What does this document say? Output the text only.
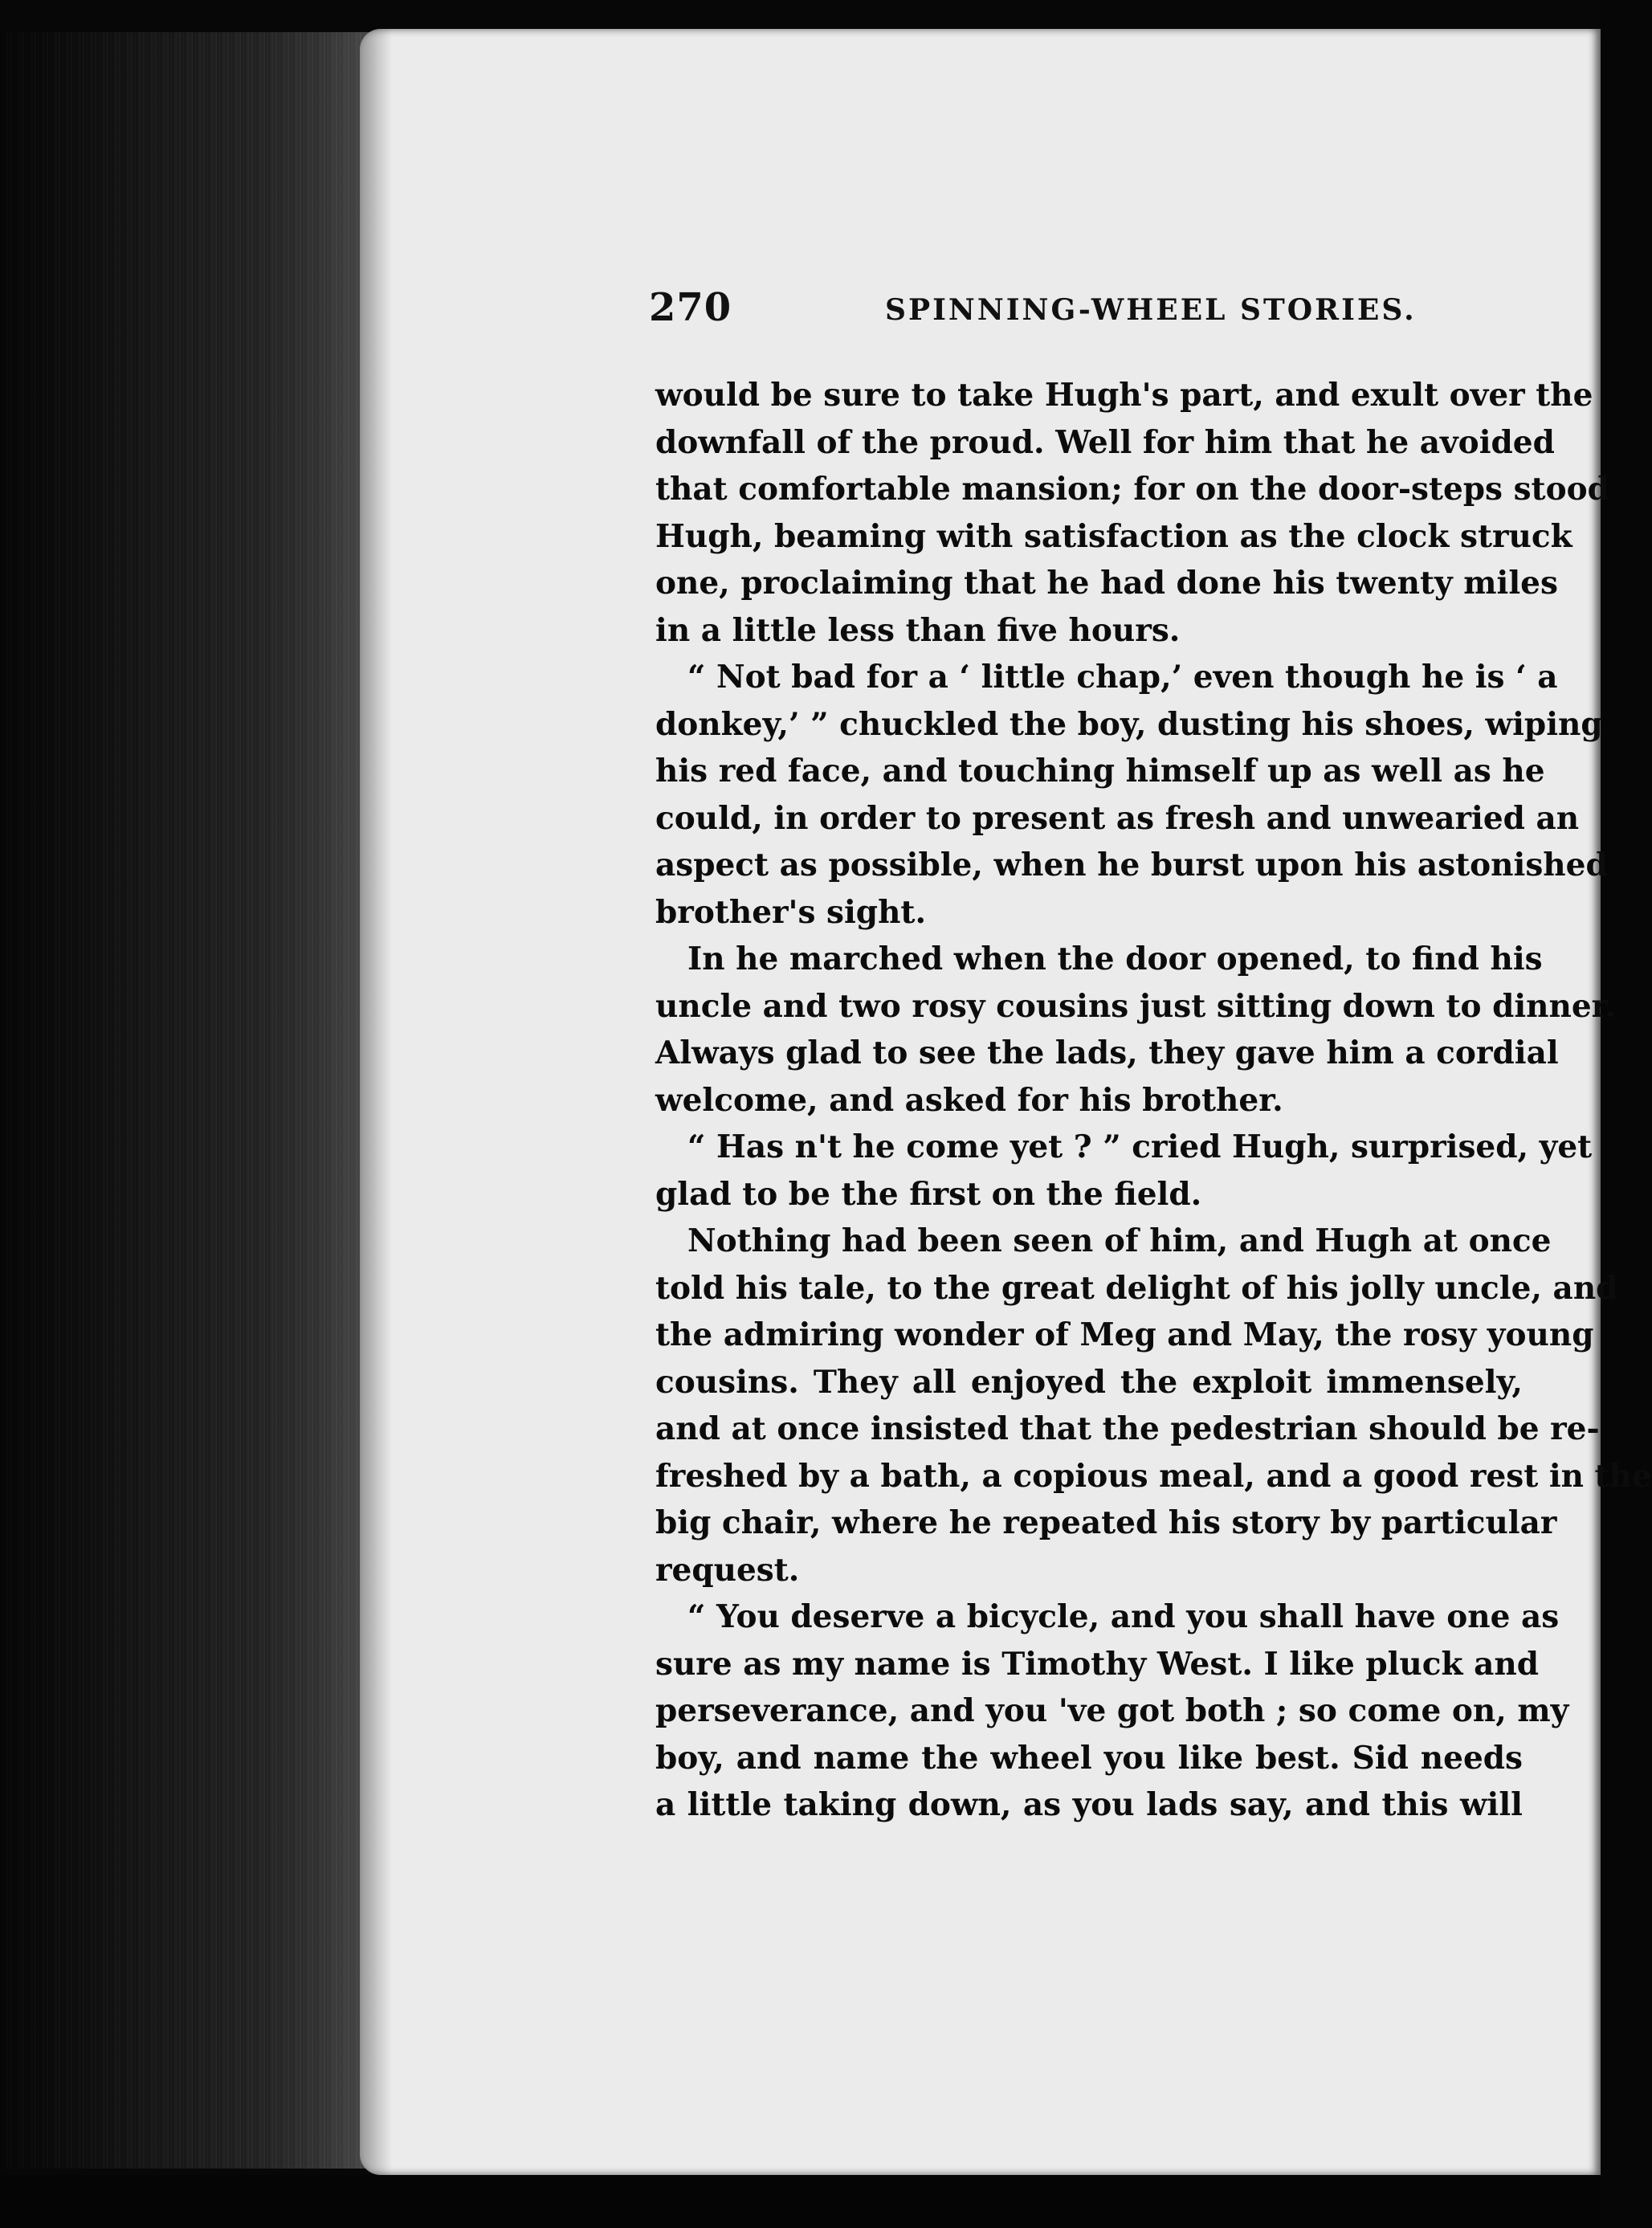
270	SPINNING-WHEEL STORIES.
would be sure to take Hugh's part, and exult over the
downfall of the proud. Well for him that he avoided
that comfortable mansion; for on the door-steps stood
Hugh, beaming with satisfaction as the clock struck
one, proclaiming that he had done his twenty miles
in a little less than five hours.
“ Not bad for a ‘ little chap,’ even though he is ‘ a
donkey,’ ” chuckled the boy, dusting his shoes, wiping
his red face, and touching himself up as well as he
could, in order to present as fresh and unwearied an
aspect as possible, when he burst upon his astonished
brother's sight.
In he marched when the door opened, to find his
uncle and two rosy cousins just sitting down to dinner.
Always glad to see the lads, they gave him a cordial
welcome, and asked for his brother.
“ Has n't he come yet ? ” cried Hugh, surprised, yet
glad to be the first on the field.
Nothing had been seen of him, and Hugh at once
told his tale, to the great delight of his jolly uncle, and
the admiring wonder of Meg and May, the rosy young
cousins. They all enjoyed the exploit immensely,
and at once insisted that the pedestrian should be re-
freshed by a bath, a copious meal, and a good rest in the
big chair, where he repeated his story by particular
request.
“ You deserve a bicycle, and you shall have one as
sure as my name is Timothy West. I like pluck and
perseverance, and you 've got both ; so come on, my
boy, and name the wheel you like best. Sid needs
a little taking down, as you lads say, and this will
